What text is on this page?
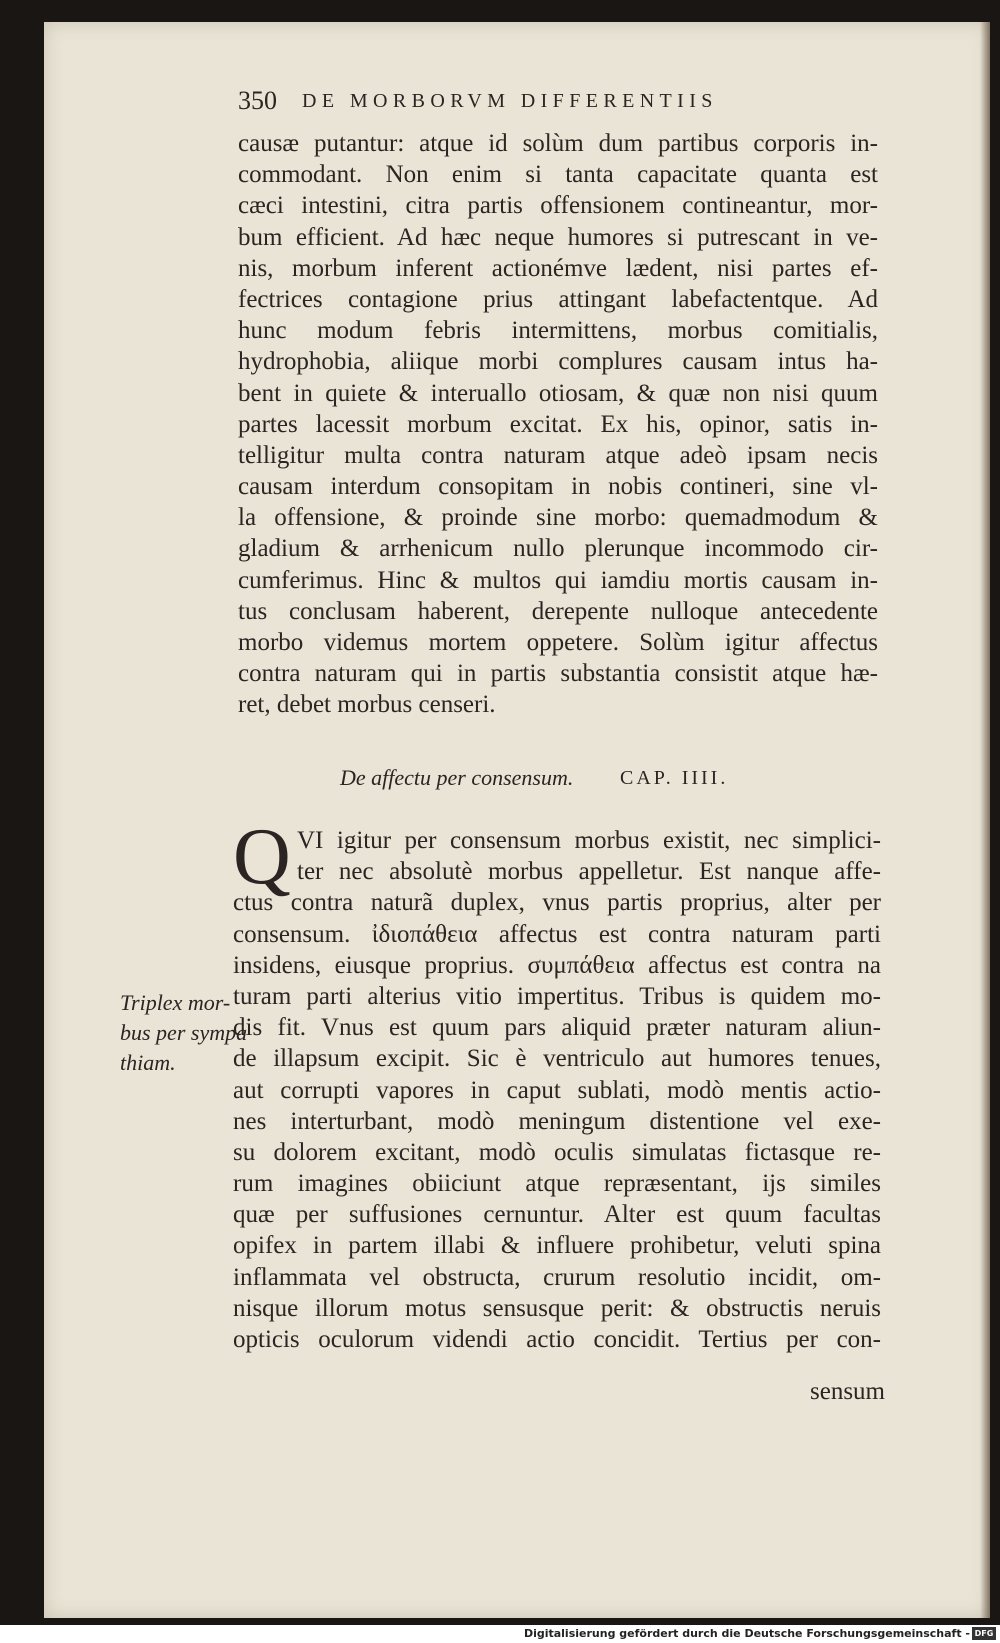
350 DE MORBORVM DIFFERENTIIS
causæ putantur: atque id solùm dum partibus corporis in-
commodant. Non enim si tanta capacitate quanta est
cæci intestini, citra partis offensionem contineantur, mor-
bum efficient. Ad hæc neque humores si putrescant in ve-
nis, morbum inferent actionémve lædent, nisi partes ef-
fectrices contagione prius attingant labefactentque. Ad
hunc modum febris intermittens, morbus comitialis,
hydrophobia, aliique morbi complures causam intus ha-
bent in quiete & interuallo otiosam, & quæ non nisi quum
partes lacessit morbum excitat. Ex his, opinor, satis in-
telligitur multa contra naturam atque adeò ipsam necis
causam interdum consopitam in nobis contineri, sine vl-
la offensione, & proinde sine morbo: quemadmodum &
gladium & arrhenicum nullo plerunque incommodo cir-
cumferimus. Hinc & multos qui iamdiu mortis causam in-
tus conclusam haberent, derepente nulloque antecedente
morbo videmus mortem oppetere. Solùm igitur affectus
contra naturam qui in partis substantia consistit atque hæ-
ret, debet morbus censeri.
De affectu per consensum. CAP. IIII.
Q VI igitur per consensum morbus existit, nec simplici-
ter nec absolutè morbus appelletur. Est nanque affe-
ctus contra naturã duplex, vnus partis proprius, alter per
consensum. ἰδιοπάθεια affectus est contra naturam parti
insidens, eiusque proprius. συμπάθεια affectus est contra na
turam parti alterius vitio impertitus. Tribus is quidem mo-
dis fit. Vnus est quum pars aliquid præter naturam aliun-
de illapsum excipit. Sic è ventriculo aut humores tenues,
aut corrupti vapores in caput sublati, modò mentis actio-
nes interturbant, modò meningum distentione vel exe-
su dolorem excitant, modò oculis simulatas fictasque re-
rum imagines obiiciunt atque repræsentant, ijs similes
quæ per suffusiones cernuntur. Alter est quum facultas
opifex in partem illabi & influere prohibetur, veluti spina
inflammata vel obstructa, crurum resolutio incidit, om-
nisque illorum motus sensusque perit: & obstructis neruis
opticis oculorum videndi actio concidit. Tertius per con-
Triplex mor-
bus per sympa
thiam.
sensum
Digitalisierung gefördert durch die Deutsche Forschungsgemeinschaft - DFG
